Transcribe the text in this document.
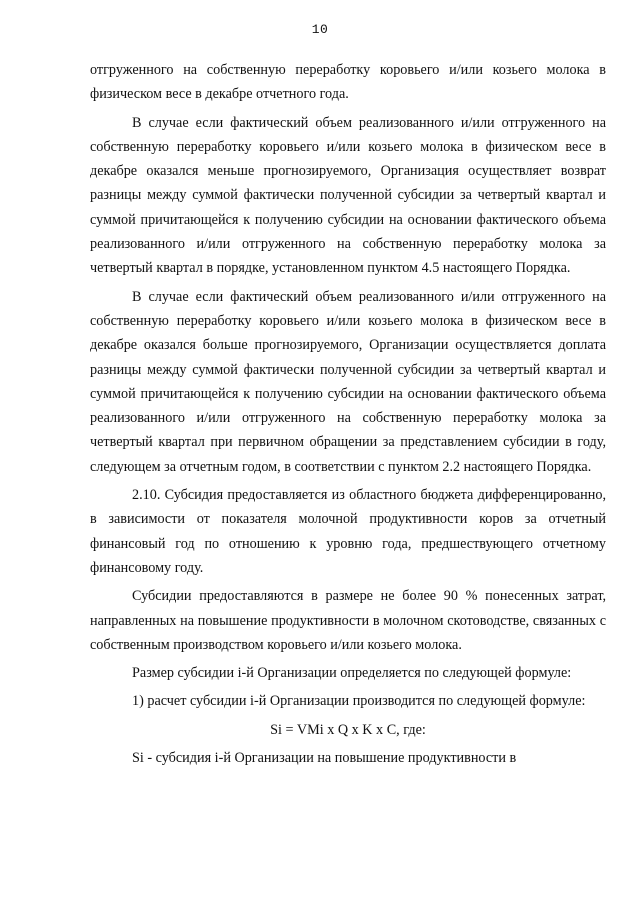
10

отгруженного на собственную переработку коровьего и/или козьего молока в физическом весе в декабре отчетного года.

В случае если фактический объем реализованного и/или отгруженного на собственную переработку коровьего и/или козьего молока в физическом весе в декабре оказался меньше прогнозируемого, Организация осуществляет возврат разницы между суммой фактически полученной субсидии за четвертый квартал и суммой причитающейся к получению субсидии на основании фактического объема реализованного и/или отгруженного на собственную переработку молока за четвертый квартал в порядке, установленном пунктом 4.5 настоящего Порядка.

В случае если фактический объем реализованного и/или отгруженного на собственную переработку коровьего и/или козьего молока в физическом весе в декабре оказался больше прогнозируемого, Организации осуществляется доплата разницы между суммой фактически полученной субсидии за четвертый квартал и суммой причитающейся к получению субсидии на основании фактического объема реализованного и/или отгруженного на собственную переработку молока за четвертый квартал при первичном обращении за представлением субсидии в году, следующем за отчетным годом, в соответствии с пунктом 2.2 настоящего Порядка.

2.10. Субсидия предоставляется из областного бюджета дифференцированно, в зависимости от показателя молочной продуктивности коров за отчетный финансовый год по отношению к уровню года, предшествующего отчетному финансовому году.

Субсидии предоставляются в размере не более 90 % понесенных затрат, направленных на повышение продуктивности в молочном скотоводстве, связанных с собственным производством коровьего и/или козьего молока.

Размер субсидии i-й Организации определяется по следующей формуле:

1) расчет субсидии i-й Организации производится по следующей формуле:

Si = VMi x Q x K x C, где:

Si - субсидия i-й Организации на повышение продуктивности в
